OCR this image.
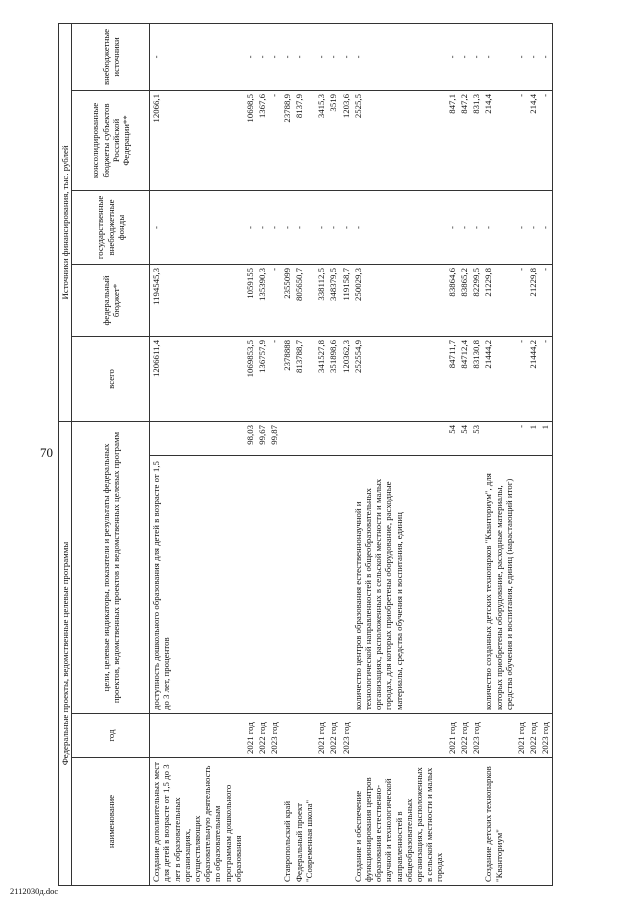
70
2112030д.doc
Федеральные проекты, ведомственные целевые программы				Источники финансирования, тыс. рублей				
наименование	год	цели, целевые индикаторы, показатели и результаты федеральных проектов, ведомственных проектов и ведомственных целевых программ		всего	федеральный бюджет*	государственные внебюджетные фонды	консолидированные бюджеты субъектов Российской Федерации**	внебюджетные источники
Создание дополнительных мест для детей в возрасте от 1,5 до 3 лет в образовательных организациях, осуществляющих образовательную деятельность по образовательным программам дошкольного образования		доступность дошкольного образования для детей в возрасте от 1,5 до 3 лет, процентов		1206611,4	1194545,3	-	12066,1	-
	2021 год		98,03	1069853,5	1059155	-	10698,5	-
	2022 год		99,67	136757,9	135390,3	-	1367,6	-
	2023 год		99,87	-	-	-	-	-
Ставропольский край				2378888	2355099	-	23788,9	-
Федеральный проект "Современная школа"				813788,7	805650,7	-	8137,9	-
	2021 год			341527,8	338112,5	-	3415,3	-
	2022 год			351898,6	348379,5	-	3519	-
	2023 год			120362,3	119158,7	-	1203,6	-
Создание и обеспечение функционирования центров образования естественно-научной и технологической направленностей в общеобразовательных организациях, расположенных в сельской местности и малых городах		количество центров образования естественнонаучной и технологической направленностей в общеобразовательных организациях, расположенных в сельской местности и малых городах, для которых приобретены оборудование, расходные материалы, средства обучения и воспитания, единиц		252554,9	250029,3	-	2525,5	-
	2021 год		54	84711,7	83864,6	-	847,1	-
	2022 год		54	84712,4	83865,2	-	847,2	-
	2023 год		53	83130,8	82299,5	-	831,3	-
Создание детских технопарков "Кванториум"		количество созданных детских технопарков "Кванториум", для которых приобретены оборудование, расходные материалы, средства обучения и воспитания, единиц (нарастающий итог)		21444,2	21229,8	-	214,4	-
	2021 год		-	-	-	-	-	-
	2022 год		1	21444,2	21229,8	-	214,4	-
	2023 год		1	-	-	-	-	-
